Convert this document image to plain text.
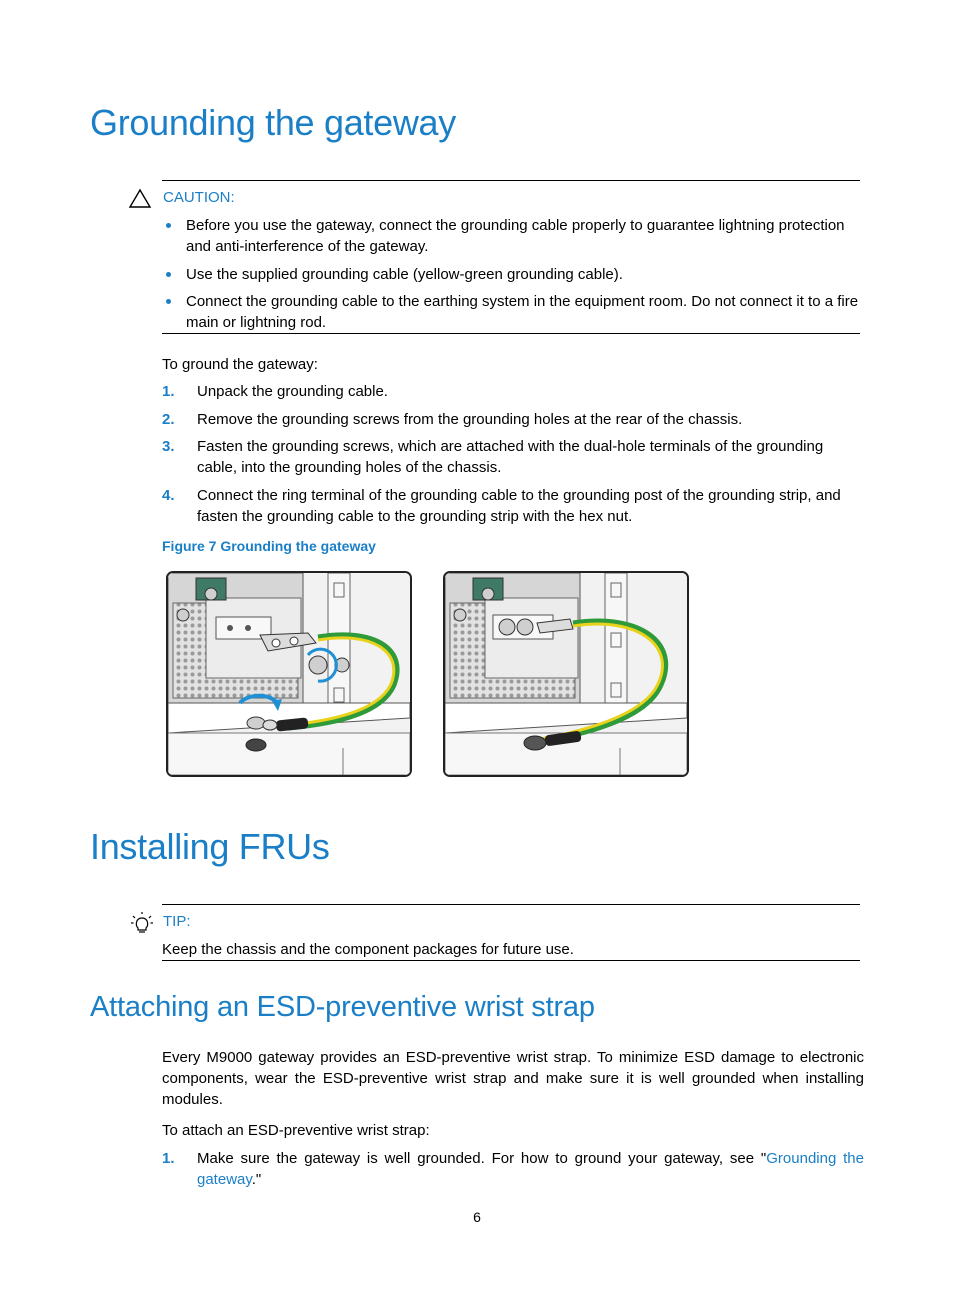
Grounding the gateway
CAUTION:
Before you use the gateway, connect the grounding cable properly to guarantee lightning protection and anti-interference of the gateway.
Use the supplied grounding cable (yellow-green grounding cable).
Connect the grounding cable to the earthing system in the equipment room. Do not connect it to a fire main or lightning rod.
To ground the gateway:
1. Unpack the grounding cable.
2. Remove the grounding screws from the grounding holes at the rear of the chassis.
3. Fasten the grounding screws, which are attached with the dual-hole terminals of the grounding cable, into the grounding holes of the chassis.
4. Connect the ring terminal of the grounding cable to the grounding post of the grounding strip, and fasten the grounding cable to the grounding strip with the hex nut.
Figure 7 Grounding the gateway
Installing FRUs
TIP:
Keep the chassis and the component packages for future use.
Attaching an ESD-preventive wrist strap
Every M9000 gateway provides an ESD-preventive wrist strap. To minimize ESD damage to electronic components, wear the ESD-preventive wrist strap and make sure it is well grounded when installing modules.
To attach an ESD-preventive wrist strap:
1. Make sure the gateway is well grounded. For how to ground your gateway, see "Grounding the gateway."
6
